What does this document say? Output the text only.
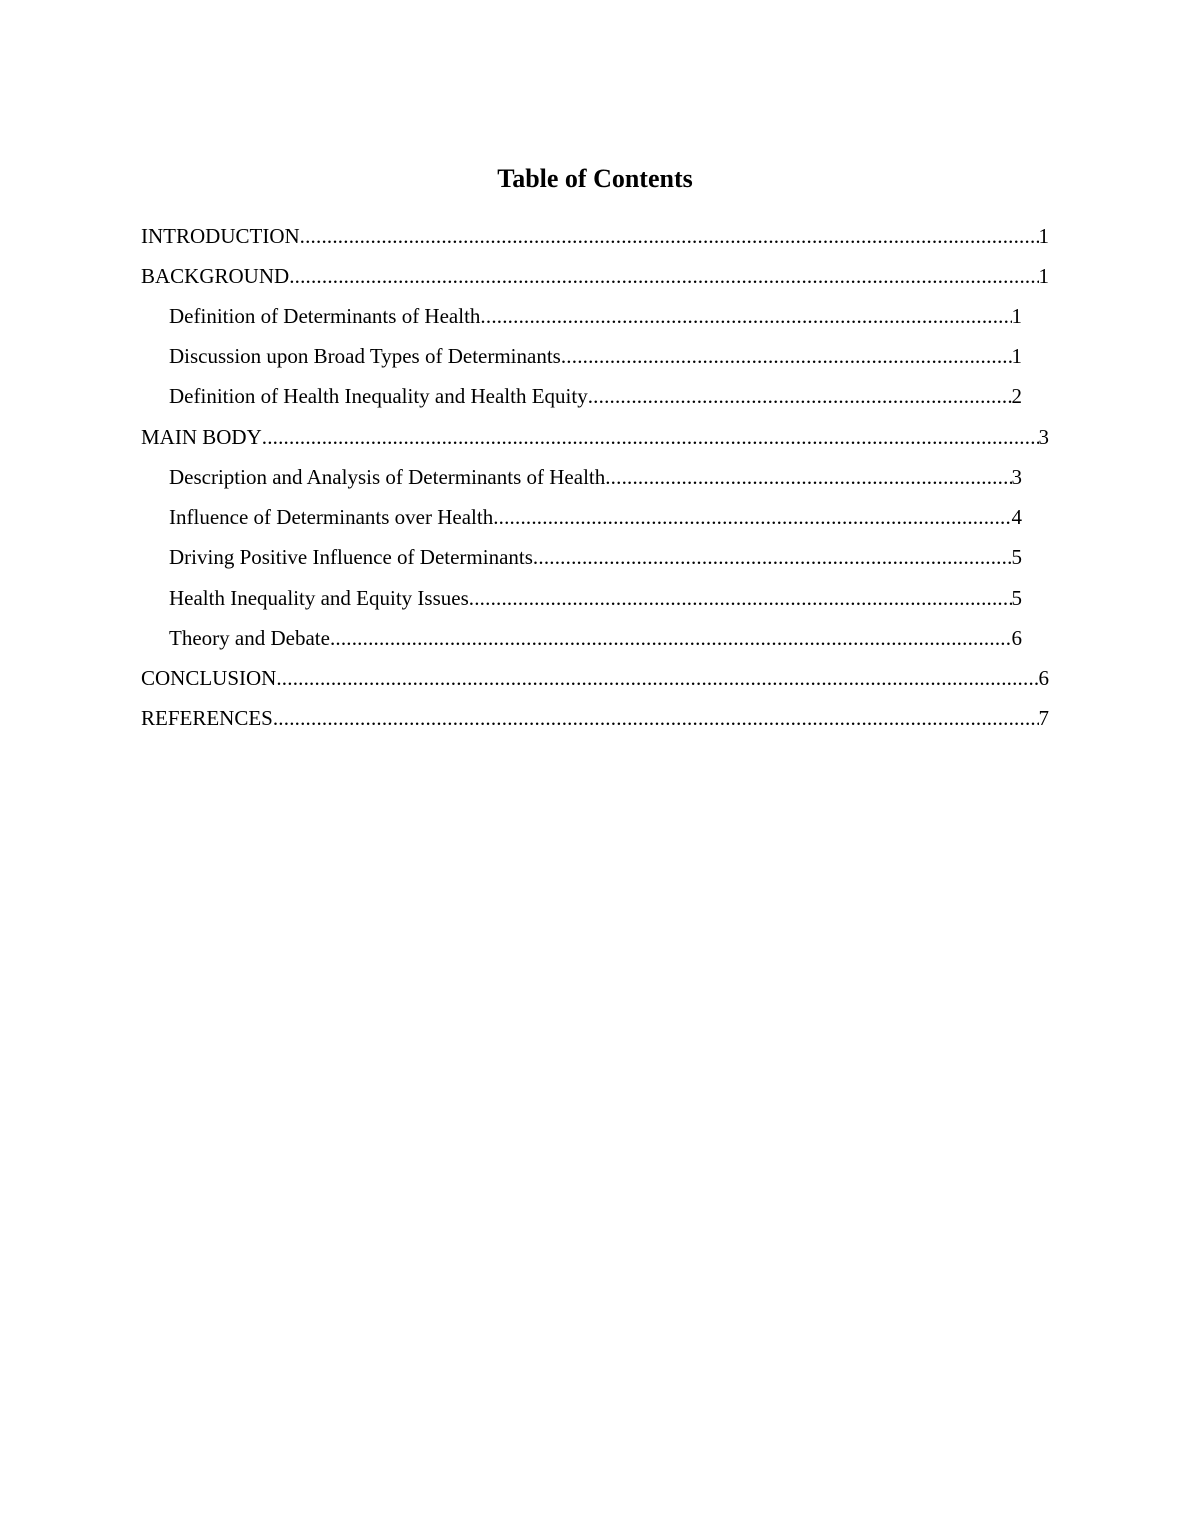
Table of Contents
INTRODUCTION .....	1
BACKGROUND .....	1
Definition of Determinants of Health .....	1
Discussion upon Broad Types of Determinants .....	1
Definition of Health Inequality and Health Equity .....	2
MAIN BODY .....	3
Description and Analysis of Determinants of Health .....	3
Influence of Determinants over Health .....	4
Driving Positive Influence of Determinants .....	5
Health Inequality and Equity Issues .....	5
Theory and Debate .....	6
CONCLUSION .....	6
REFERENCES .....	7
